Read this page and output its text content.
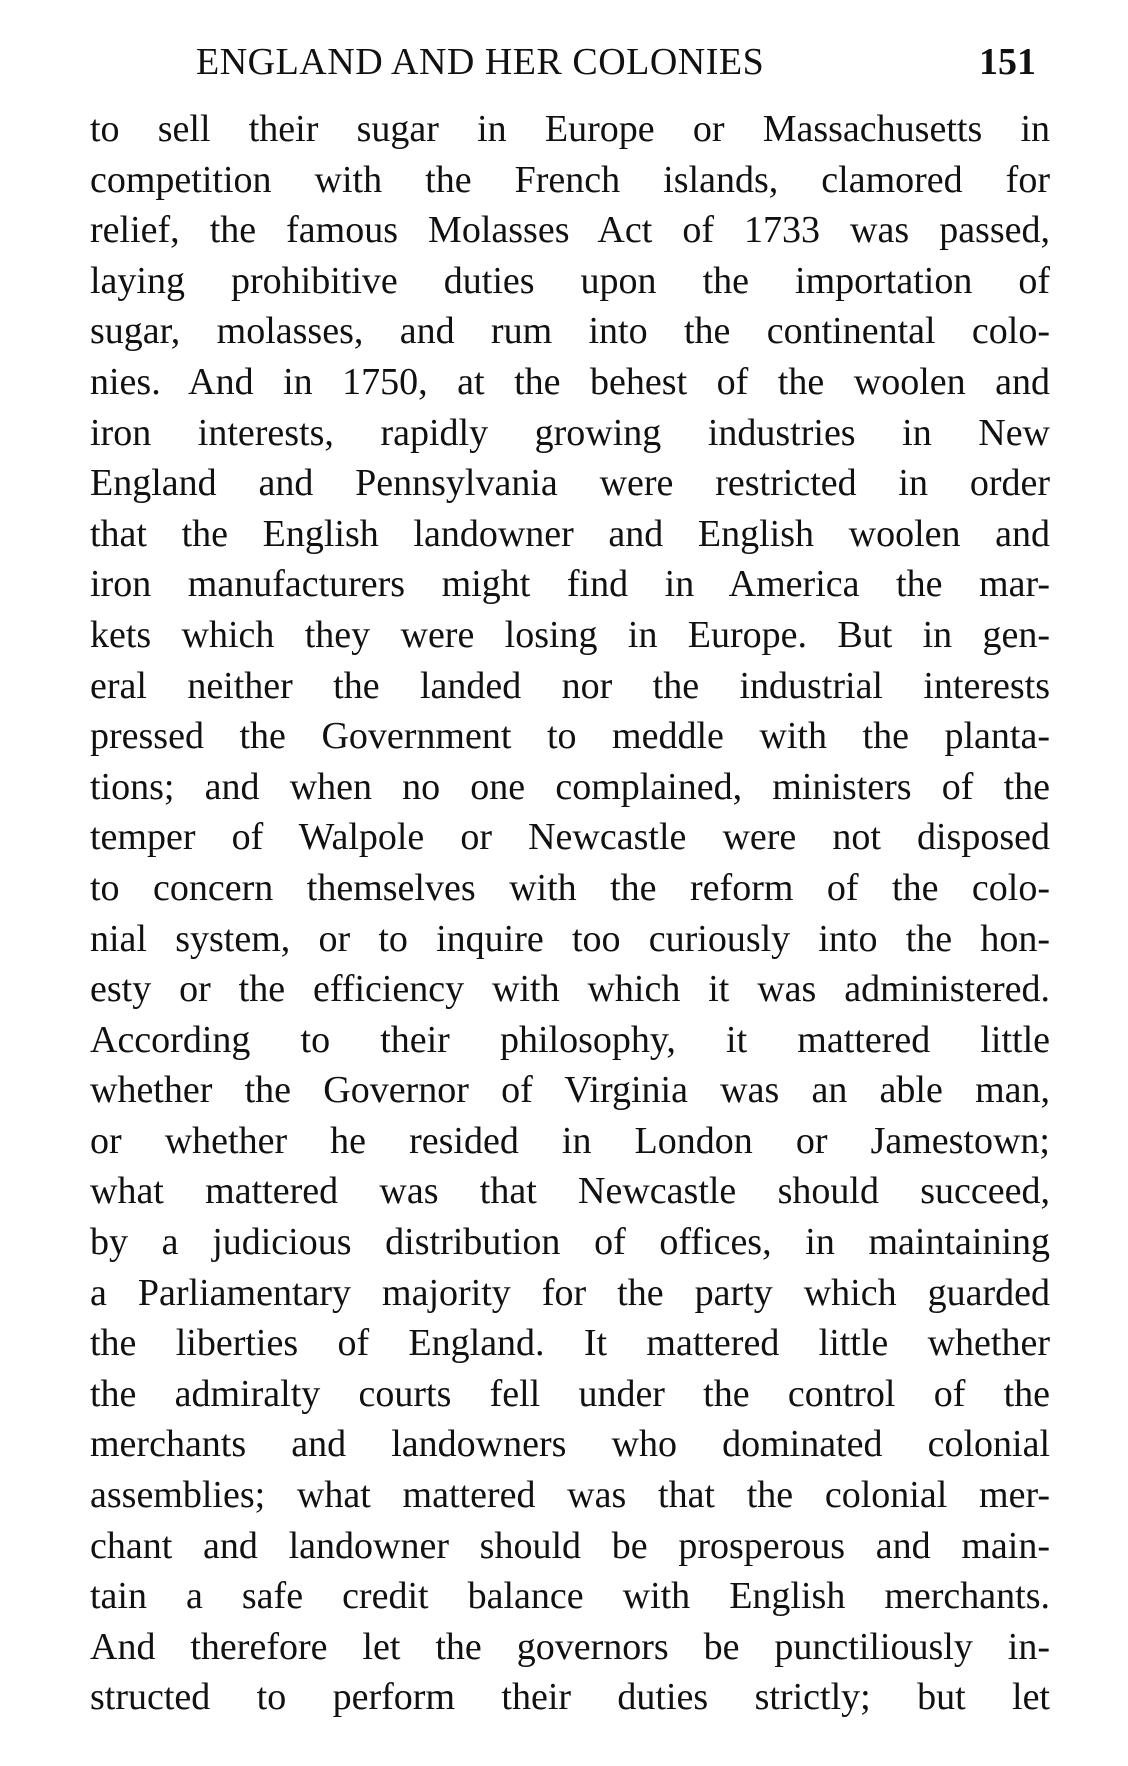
ENGLAND AND HER COLONIES	151
to sell their sugar in Europe or Massachusetts in
competition with the French islands, clamored for
relief, the famous Molasses Act of 1733 was passed,
laying prohibitive duties upon the importation of
sugar, molasses, and rum into the continental colo-
nies. And in 1750, at the behest of the woolen and
iron interests, rapidly growing industries in New
England and Pennsylvania were restricted in order
that the English landowner and English woolen and
iron manufacturers might find in America the mar-
kets which they were losing in Europe. But in gen-
eral neither the landed nor the industrial interests
pressed the Government to meddle with the planta-
tions; and when no one complained, ministers of the
temper of Walpole or Newcastle were not disposed
to concern themselves with the reform of the colo-
nial system, or to inquire too curiously into the hon-
esty or the efficiency with which it was administered.
According to their philosophy, it mattered little
whether the Governor of Virginia was an able man,
or whether he resided in London or Jamestown;
what mattered was that Newcastle should succeed,
by a judicious distribution of offices, in maintaining
a Parliamentary majority for the party which guarded
the liberties of England. It mattered little whether
the admiralty courts fell under the control of the
merchants and landowners who dominated colonial
assemblies; what mattered was that the colonial mer-
chant and landowner should be prosperous and main-
tain a safe credit balance with English merchants.
And therefore let the governors be punctiliously in-
structed to perform their duties strictly; but let
